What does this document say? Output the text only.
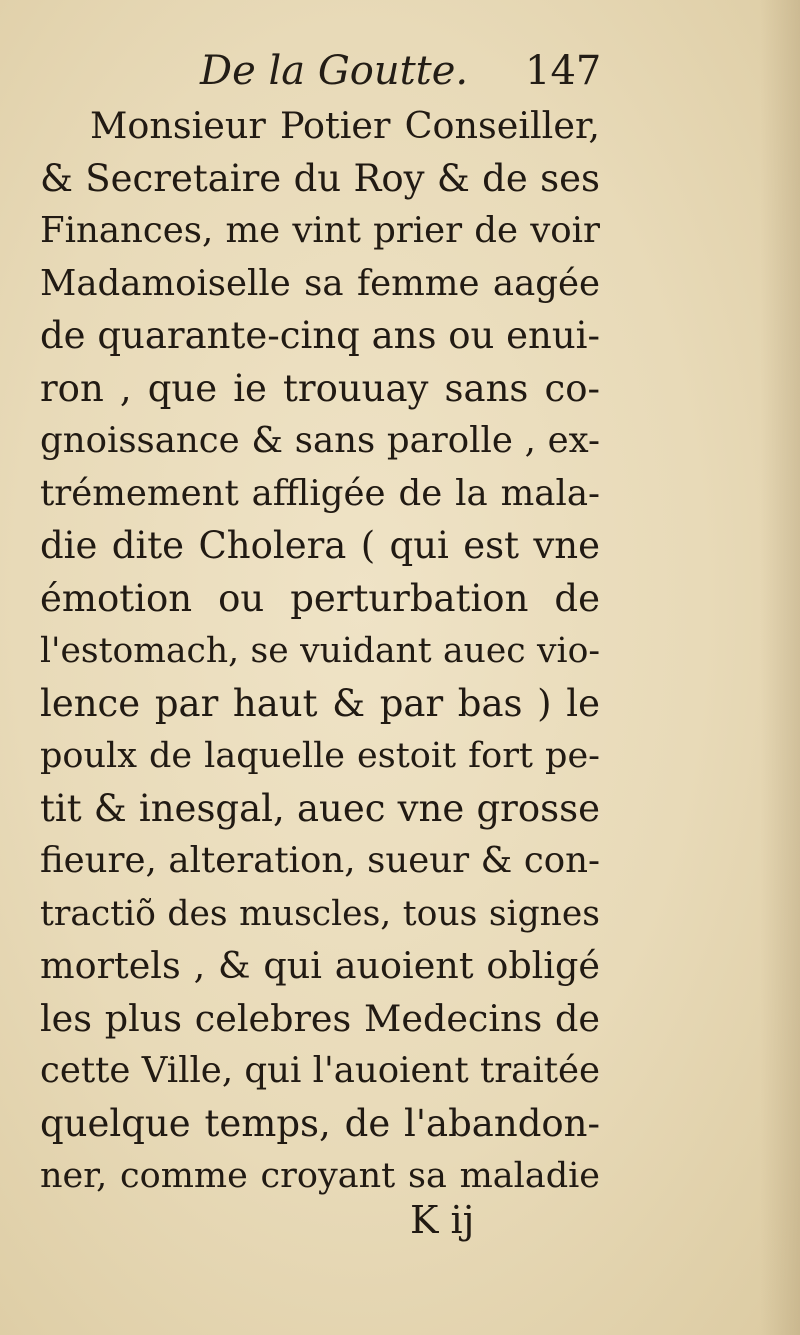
De la Goutte. 147
Monsieur Potier Conseiller,
& Secretaire du Roy & de ses
Finances, me vint prier de voir
Madamoiselle sa femme aagée
de quarante-cinq ans ou enui-
ron , que ie trouuay sans co-
gnoissance & sans parolle , ex-
trémement affligée de la mala-
die dite Cholera ( qui est vne
émotion ou perturbation de
l'estomach, se vuidant auec vio-
lence par haut & par bas ) le
poulx de laquelle estoit fort pe-
tit & inesgal, auec vne grosse
fieure, alteration, sueur & con-
tractiõ des muscles, tous signes
mortels , & qui auoient obligé
les plus celebres Medecins de
cette Ville, qui l'auoient traitée
quelque temps, de l'abandon-
ner, comme croyant sa maladie
K ij
